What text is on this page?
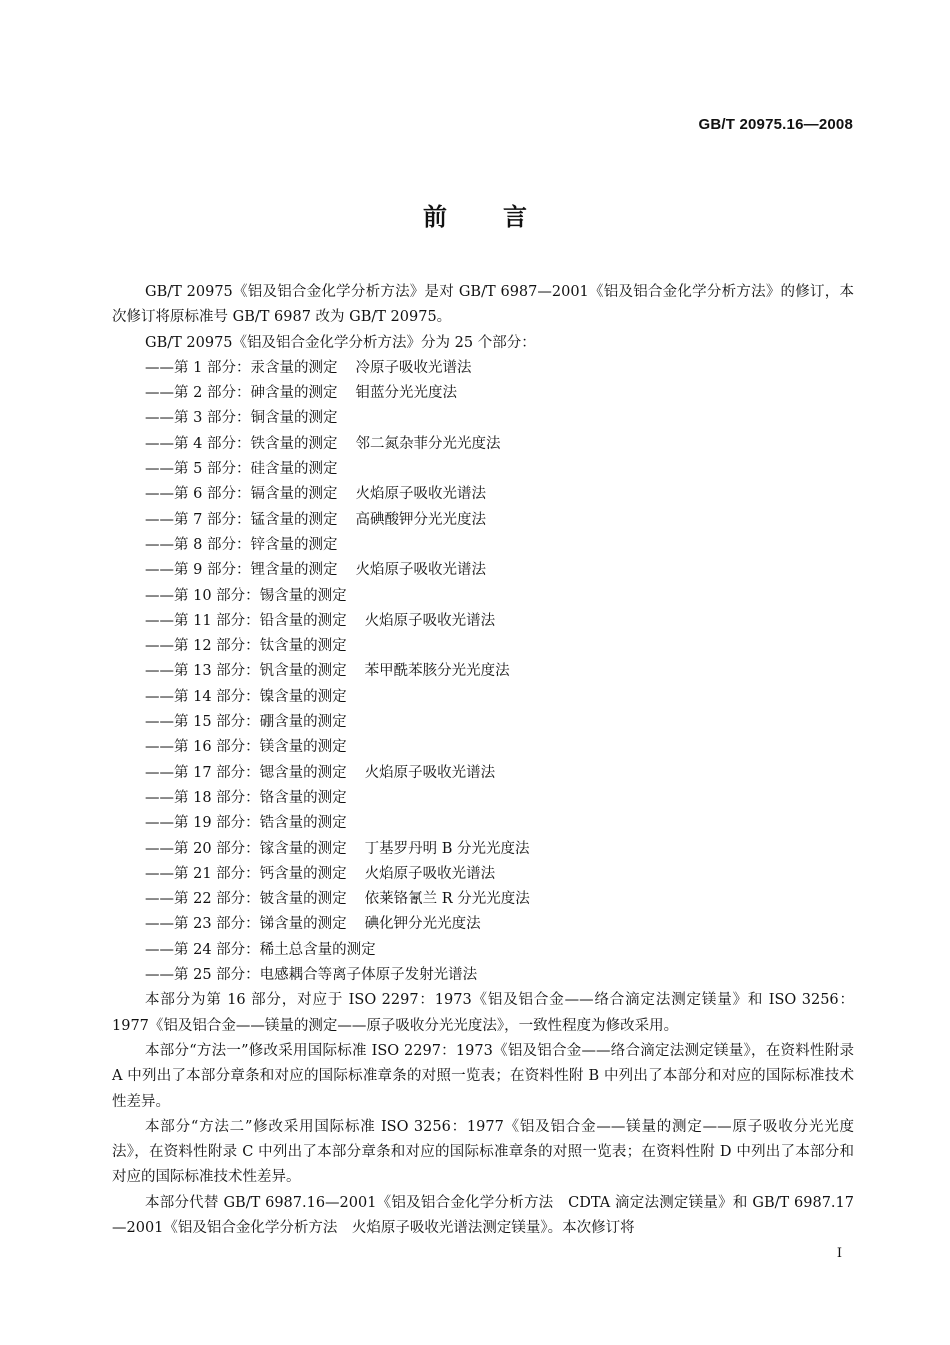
GB/T 20975.16—2008
前 言

GB/T 20975《铝及铝合金化学分析方法》是对 GB/T 6987—2001《铝及铝合金化学分析方法》的修订，本次修订将原标准号 GB/T 6987 改为 GB/T 20975。

GB/T 20975《铝及铝合金化学分析方法》分为 25 个部分：

——第 1 部分：汞含量的测定 冷原子吸收光谱法
——第 2 部分：砷含量的测定 钼蓝分光光度法
——第 3 部分：铜含量的测定
——第 4 部分：铁含量的测定 邻二氮杂菲分光光度法
——第 5 部分：硅含量的测定
——第 6 部分：镉含量的测定 火焰原子吸收光谱法
——第 7 部分：锰含量的测定 高碘酸钾分光光度法
——第 8 部分：锌含量的测定
——第 9 部分：锂含量的测定 火焰原子吸收光谱法
——第 10 部分：锡含量的测定
——第 11 部分：铅含量的测定 火焰原子吸收光谱法
——第 12 部分：钛含量的测定
——第 13 部分：钒含量的测定 苯甲酰苯胲分光光度法
——第 14 部分：镍含量的测定
——第 15 部分：硼含量的测定
——第 16 部分：镁含量的测定
——第 17 部分：锶含量的测定 火焰原子吸收光谱法
——第 18 部分：铬含量的测定
——第 19 部分：锆含量的测定
——第 20 部分：镓含量的测定 丁基罗丹明 B 分光光度法
——第 21 部分：钙含量的测定 火焰原子吸收光谱法
——第 22 部分：铍含量的测定 依莱铬氰兰 R 分光光度法
——第 23 部分：锑含量的测定 碘化钾分光光度法
——第 24 部分：稀土总含量的测定
——第 25 部分：电感耦合等离子体原子发射光谱法

本部分为第 16 部分，对应于 ISO 2297：1973《铝及铝合金——络合滴定法测定镁量》和 ISO 3256：1977《铝及铝合金——镁量的测定——原子吸收分光光度法》，一致性程度为修改采用。

本部分“方法一”修改采用国际标准 ISO 2297：1973《铝及铝合金——络合滴定法测定镁量》，在资料性附录 A 中列出了本部分章条和对应的国际标准章条的对照一览表；在资料性附 B 中列出了本部分和对应的国际标准技术性差异。

本部分“方法二”修改采用国际标准 ISO 3256：1977《铝及铝合金——镁量的测定——原子吸收分光光度法》，在资料性附录 C 中列出了本部分章条和对应的国际标准章条的对照一览表；在资料性附 D 中列出了本部分和对应的国际标准技术性差异。

本部分代替 GB/T 6987.16—2001《铝及铝合金化学分析方法　CDTA 滴定法测定镁量》和 GB/T 6987.17—2001《铝及铝合金化学分析方法　火焰原子吸收光谱法测定镁量》。本次修订将

I
